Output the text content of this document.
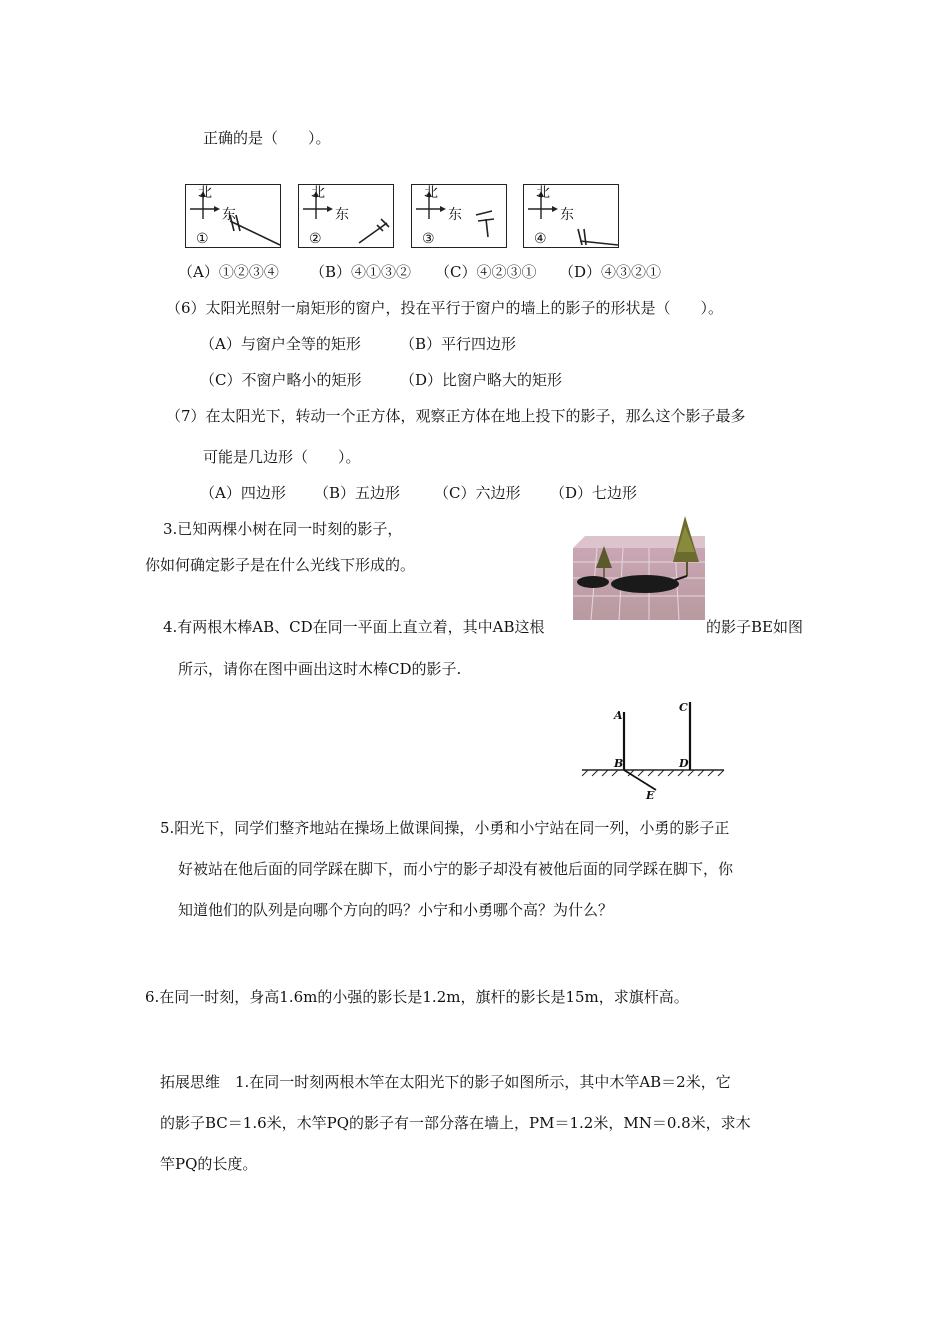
正确的是（　　）。
北
东
①
北
东
②
北
东
③
北
东
④
（A）①②③④ （B）④①③② （C）④②③① （D）④③②①
（6）太阳光照射一扇矩形的窗户，投在平行于窗户的墙上的影子的形状是（　　）。
（A）与窗户全等的矩形	（B）平行四边形
（C）不窗户略小的矩形	（D）比窗户略大的矩形
（7）在太阳光下，转动一个正方体，观察正方体在地上投下的影子，那么这个影子最多
可能是几边形（　　）。
（A）四边形 （B）五边形 （C）六边形 （D）七边形
3.已知两棵小树在同一时刻的影子，
你如何确定影子是在什么光线下形成的。
4.有两根木棒AB、CD在同一平面上直立着，其中AB这根	的影子BE如图
所示，请你在图中画出这时木棒CD的影子.
A
B
C
D
E
5.阳光下，同学们整齐地站在操场上做课间操，小勇和小宁站在同一列，小勇的影子正
好被站在他后面的同学踩在脚下，而小宁的影子却没有被他后面的同学踩在脚下，你
知道他们的队列是向哪个方向的吗？小宁和小勇哪个高？为什么？
6.在同一时刻，身高1.6m的小强的影长是1.2m，旗杆的影长是15m，求旗杆高。
拓展思维　1.在同一时刻两根木竿在太阳光下的影子如图所示，其中木竿AB＝2米，它
的影子BC＝1.6米，木竿PQ的影子有一部分落在墙上，PM＝1.2米，MN＝0.8米，求木
竿PQ的长度。
